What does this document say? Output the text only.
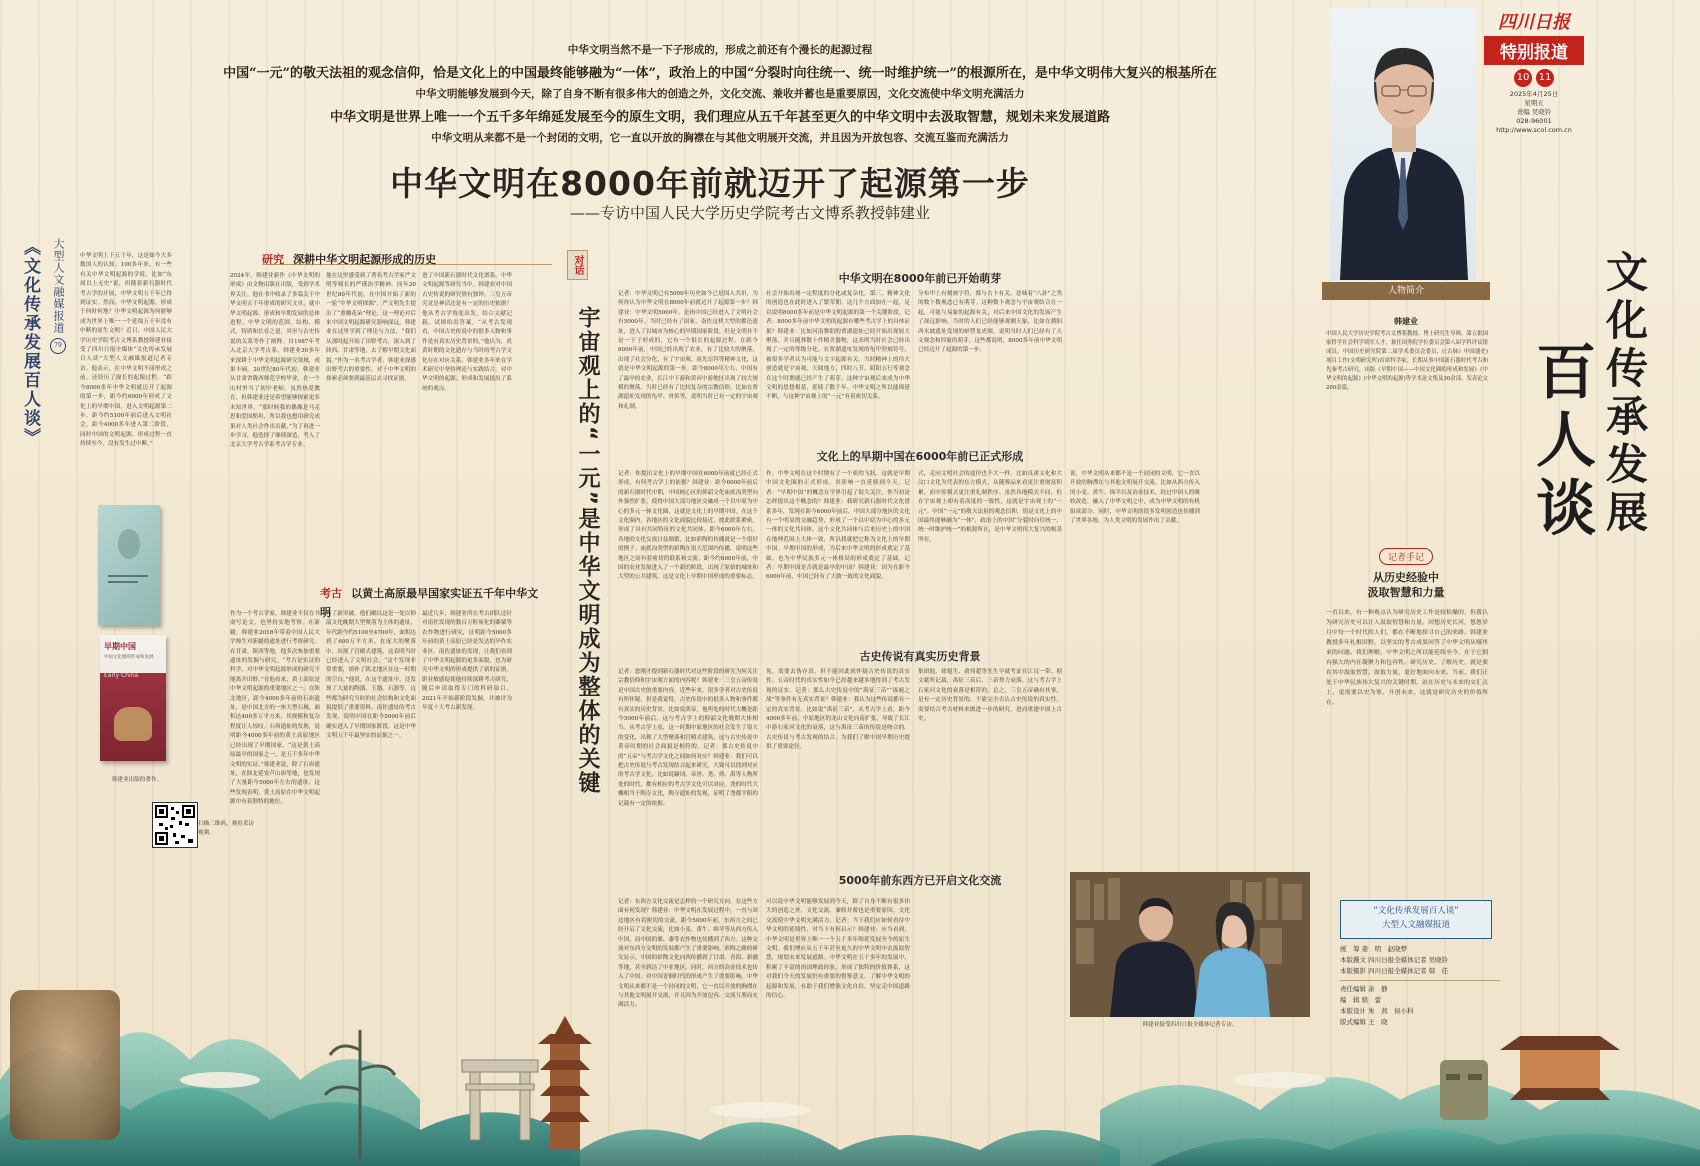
中华文明当然不是一下子形成的，形成之前还有个漫长的起源过程
中国“一元”的敬天法祖的观念信仰，恰是文化上的中国最终能够融为“一体”，政治上的中国“分裂时向往统一、统一时维护统一”的根源所在，是中华文明伟大复兴的根基所在
中华文明能够发展到今天，除了自身不断有很多伟大的创造之外，文化交流、兼收并蓄也是重要原因，文化交流使中华文明充满活力
中华文明是世界上唯一一个五千多年绵延发展至今的原生文明，我们理应从五千年甚至更久的中华文明中去汲取智慧，规划未来发展道路
中华文明从来都不是一个封闭的文明，它一直以开放的胸襟在与其他文明展开交流，并且因为开放包容、交流互鉴而充满活力
四川日报
特别报道
10 11
2025年4月25日
星期五
责编 吴晓铃
028-96001
http://www.scol.com.cn
人物简介
韩建业
中国人民大学历史学院考古文博系教授、博士研究生导师，第五批国家哲学社会科学领军人才，兼任国务院学位委员会第八届学科评议组成员、中国历史研究院第二届学术委员会委员、(《古脉》中国通史)项目工作(文明研究所)首席科学家。长期从事中国新石器时代考古和先秦考古研究，出版《早期中国——中国文化圈的形成和发展》《中华文明的起源》(中华文明的起源)等学术论文集及30余部。发表论文200余篇。	文化传承发展
百人谈
中华文明在8000年前就迈开了起源第一步
——专访中国人民大学历史学院考古文博系教授韩建业
《文化传承发展百人谈》 大型人文融媒报道
79
中华文明上下五千年，这是如今大多数国人的认知。100多年来，有一些有关中华文明起源的学说，比如“东周以上无史”说，但随着新石器时代考古学的开展，中华文明五千年已得到证实。然而，中华文明起源，形成于何时何地？中华文明起源为何能够成为世界上唯一一个延绵五千年没有中断的原生文明？近日，中国人民大学历史学院考古文博系教授韩建业接受了四川日报全媒体“文化传承发展百人谈”大型人文融媒报道记者专访。他表示，在中华文明不同形成之前，还经历了漫长的起源过程。“距今8000多年中华文明就迈开了起源的第一步，距今约6000年形成了文化上的早期中国，进入文明起源第二步，距今约5100年前后进入文明社会，距今4000多年进入第二阶段，同时中国的文明起源、形成过程一直持续至今，没有发生过中断。”
早期中国
中国文化圈的形成和发展
Early China
韩建业出版的著作。
扫描二维码，观看采访视频。
研究 深耕中华文明起源形成的历史
2024年，韩建业新作《中华文明的形成》由文物出版社出版，受到学术界关注。他在书中收录了多篇关于中华文明五千年形成的研究文章，就中华文明起源、形成和早期发展的总体进程，中华文明的范围、结构、模式、特质和长存之道，其至与古史传说的关系等作了阐释。自1987年考入北京大学考古系，韩建业30多年来深耕于中华文明起源研究领域，成果丰硕。20世纪80年代初，韩建业从甘肃省陇西师范学校毕业，在一个山村里当了初中老师。虽然热爱教育，但韩建业还是希望能够探索更多未知世界。“那时候我的偶像是马克思和爱因斯坦，所以我也想用研究成果对人类社会作出贡献。”为了再进一步学习，他选择了继续深造，考入了北京大学考古学系考古学专业。
他在这里感受到了著名考古学家严文明等师长的严谨治学精神。同年20世纪80年代初，在中国开始了新的一轮“中华文明探源”，严文明先生提出了“重瓣花朵”理论，这一理论对后来中国文明起源研究影响深远。韩建业在这里学到了理论与方法，“我们从那时起开始了田野考古，深入到了陕西、甘肃等地，去了解早期文化面貌。”作为一名考古学者，韩建业深感田野考古的重要性，对于中华文明的探索必须要到最基层去寻找证据。
进了中国新石器时代文化谱系、中华文明起源等研究当中。韩建业对中国古史传说的研究情有独钟。三皇五帝究竟是神话还是有一定的历史依据？他从考古学角度出发，结合文献记载，试图给出答案。“从考古发现看，中国古史传说中的很多人物和事件是有真实历史背景的。”他认为，炎黄时期的文化遗存与当时的考古学文化存在对应关系。韩建业多年来在学术研究中坚持理论与实践结合，对中华文明的起源、形成和发展提出了系统的观点。
考古 以黄土高原最早国家实证五千年中华文明
作为一个考古学家，韩建业不仅在书斋写论文，也坚持实地考察。在新疆，韩建业2018年带着中国人民大学师生对新疆的遗址进行考察研究。在甘肃、陕西等地，他多次参加重要遗址的发掘与研究。“考古是实证的科学，对中华文明起源形成的研究不能离开田野。”在他看来，黄土高原是中华文明起源的重要地区之一。在陕北地区，距今4000多年前的石峁遗址，是中国北方的一座大型石城，面积达400多万平方米，其规模和复杂程度让人惊叹。石峁遗址的发现，说明距今4000多年前的黄土高原地区已经出现了早期国家。“这是黄土高原最早的国家之一，是五千多年中华文明的实证。”韩建业说，除了石峁遗址，在陕北延安芦山峁等地，也发现了大量距今5000年左右的遗址，这些发现表明，黄土高原在中华文明起源中有着独特的地位。
有了新突破。他们确认这是一处以仰韶文化晚期大型聚落为主体的遗址，年代距今约5100至4700年，面积达到了600万平方米。在庞大的聚落中，出现了宫殿式建筑，这表明当时已经进入了文明社会。“这个发现非常重要，填补了陕北地区在这一时期的空白。”他说，在这个遗址中，还发现了大量的陶器、玉器、石器等，这些都为研究当时的社会结构和文化面貌提供了重要资料。南佐遗址的考古发现，说明中国在距今5000年前后确实进入了早期国家阶段，这是中华文明五千年最坚实的证据之一。
最近几年，韩建业所在考古团队还针对南佐发现的数百万粒炭化的黍粟等农作物进行研究，证明距今5000多年前的黄土高原已经是发达的旱作农业区。南佐遗址的发现，让我们看到了中华文明起源的更多面貌，也为研究中华文明的形成提供了新的证据。职业敏感促使他持续深耕考古研究，随后申请取得专门的科研项目，2021年开始新阶段发掘，并被评为年度十大考古新发现。
对话
宇宙观上的“一元”是中华文明成为整体的关键
记者：中华文明已有5000年历史如今已是国人共识，为何你认为中华文明在8000年前就迈开了起源第一步？韩建业：中华文明5000年，是指中国已经进入了文明社会有5000年。当时已经有了国家，南佐这样大型的都邑遗址，进入了以城市为核心的早期国家阶段。但是文明并不是一下子形成的，它有一个很长的起源过程。在距今8000年前，中国已经出现了农业，有了比较大的聚落，出现了社会分化，有了宇宙观、祖先崇拜等精神文化，这就是中华文明起源的第一步。距今8000年左右，中国有了最早的农业，长江中下游和黄河中游地区出现了较大规模的聚落。当时已经有了比较复杂的宗教信仰，比如在贾湖遗址发现的龟甲、骨笛等，说明当时已有一定的宇宙观和礼制。
记者：你提出文化上的早期中国在6000年前就已经正式形成，有何考古学上的依据？韩建业：距今6000年前后的新石器时代中期，中国核心区的仰韶文化庙底沟类型向外强烈扩张，使得中国大部分地区交融成一个以中原为中心的多元一体文化圈，这就是文化上的早期中国。在这个文化圈内，各地区的文化面貌比较接近，彼此联系紧密，形成了具有共同特征的文化共同体。距今6000年左右，各地的文化交流日益频繁，比如彩陶的传播就是一个很好的例子。庙底沟类型的彩陶在很大范围内传播，说明这些地区之间有着密切的联系和交流。距今约6000年前，中国的农业发展进入了一个新的阶段，出现了原始的城址和大型的公共建筑，这是文化上早期中国形成的重要标志。
记者：您刚才提到新石器时代对这些阶段的研究为何关注宗教信仰和宇宙观方面的内容呢？韩建业：三皇五帝传说是中国古史的重要内容，近些年来，很多学者对古史传说有所怀疑，但是我觉得，古史传说中的很多人物和事件都有真实的历史背景。比如说黄帝，他所处的时代大概是距今5000年前后，这与考古学上的仰韶文化晚期大体相当。从考古学上看，这一时期中原地区的社会发生了很大的变化，出现了大型聚落和宫殿式建筑，这与古史传说中黄帝时期的社会面貌是相符的。记者：那古史传说中的“五帝”与考古学文化之间如何对应？韩建业：我们可以把古史传说与考古发现结合起来研究，大致可以找到对应的考古学文化。比如说颛顼、帝喾、尧、舜、禹等人物所处的时代，都有相应的考古学文化可以对应。尧的时代大概相当于陶寺文化，陶寺遗址的发现，证明了尧都平阳的记载有一定的依据。
记者：东西方文化交流是怎样的一个研究方向，在这些方面有何发现？韩建业：中华文明在发展过程中，一直与周边地区有着密切的交流。距今5000年前，东西方之间已经开启了文化交流，比如小麦、黄牛、绵羊等从西方传入中国，而中国的粟、黍等农作物也传播到了西方。这种交流对东西方文明的发展都产生了重要影响。彩陶之路的研究显示，中国的彩陶文化向西传播到了甘肃、青海、新疆等地，甚至到达了中亚地区。同时，西方的冶金技术也传入了中国，对中国青铜时代的形成产生了重要影响。中华文明从来都不是一个封闭的文明，它一直以开放的胸襟在与其他文明展开交流，并且因为开放包容、交流互鉴而充满活力。
社会开始出现一定程度的分化或复杂化。第三，精神文化的创造也在此时进入了繁荣期。这几个方面加在一起，足以说明8000多年前是中华文明起源的第一个关键阶段。记者：8000多年前中华文明的起源有哪些考古学上的具体证据？韩建业：比如河南舞阳的贾湖遗址已经开始出现较大聚落，并且随葬数十件精美器物，这表明当时社会已经出现了一定的等级分化。在贾湖遗址发现的龟甲契刻符号，被很多学者认为可能与文字起源有关。当时精神上的伟大创造就是宇宙观，天圆地方、四时八节、阴阳五行等观念在这个时期就已经产生了萌芽。这种宇宙观后来成为中华文明的思想根基，延续了数千年。中华文明之所以能绵延不断，与这种宇宙观上的“一元”有着密切关系。
作，中华文明在这个时期有了一个质的飞跃。这就是早期中国文化圈的正式形成，其影响一直延续到今天。记者：“早期中国”的概念在学界引起了很大关注，你当初是怎样提出这个概念的？韩建业：我研究新石器时代文化谱系多年，发现在距今6000年前后，中国大部分地区的文化有一个明显的交融趋势，形成了一个以中原为中心的多元一体的文化共同体。这个文化共同体与后来历史上的中国在地理范围上大体一致，所以我就把它称为文化上的早期中国。早期中国的形成，为后来中华文明的形成奠定了基础，也为中华民族多元一体格局的形成奠定了基础。记者：早期中国是否就是最早的中国？韩建业：因为在距今6000年前，中国已经有了大致一致的文化面貌。
免，需要去伪存真。但不能因此就怀疑古史传说的真实性。五帝时代的真实性如今已经越来越多地得到了考古发现的证实。记者：那么古史传说中的“禹征三苗”“涿鹿之战”等事件有无真实背景？韩建业：我认为这些传说都有一定的真实背景。比如说“禹征三苗”，从考古学上看，距今4000多年前，中原地区的龙山文化向南扩张，导致了长江中游石家河文化的衰落，这与禹征三苗的传说是吻合的。古史传说与考古发现的结合，为我们了解中国早期历史提供了重要途径。
可以说中华文明能够发展到今天，除了自身不断有很多伟大的创造之外，文化交流、兼收并蓄也是重要原因。文化交流使中华文明充满活力。记者：当下我们应如何看待中华文明的延续性，对当下有何启示？韩建业：应当看到，中华文明是世界上唯一一个五千多年绵延发展至今的原生文明。我们理应从五千年甚至更久的中华文明中去汲取智慧，规划未来发展道路。中华文明在五千多年的发展中，积累了丰富的治国理政经验，形成了独特的价值体系，这对我们今天的发展仍有重要的借鉴意义。了解中华文明的起源和发展，有助于我们增强文化自信，坚定走中国道路的信心。
分布甲上有刻画字符，都与占卜有关，意味着“八卦”之类的数卜数观念已有萌芽。这种数卜观念与宇宙观结合在一起，可能与易象的起源有关，对后来中国文化的发展产生了深远影响。当时的人们已经能够观测天象，比如在濮阳西水坡遗址发现的蚌塑龙虎图，说明当时人们已经有了天文观念和四象的萌芽。这些都说明，8000多年前中华文明已经迈开了起源的第一步。
式，走向文明社会的途径也不大一样，比如良渚文化和大汶口文化为代表的东方模式，从随葬品来看更注重财富积累，而中原模式更注重礼制秩序。虽然各地模式不同，但在宇宙观上却有着高度的一致性，这就是宇宙观上的“一元”。中国“一元”的敬天法祖的观念信仰，恰是文化上的中国最终能够融为“一体”，政治上的中国“分裂时向往统一、统一时维护统一”的根源所在，是中华文明伟大复兴的根基所在。
集团他，徐旭生、俞伟超等先生早就考证在江汉一带。据文献所记载，禹征三苗后，三苗势力衰落，这与考古学上石家河文化的衰落是相符的。总之，三皇五帝确有其事，是有一定历史背景的，不能完全否认古史传说的真实性，需要结合考古材料来做进一步的研究，进而重建中国上古史。
说，中华文明从来都不是一个封闭的文明，它一直以开放的胸襟在与其他文明展开交流。比如从西方传入的小麦、黄牛、绵羊以及冶金技术，经过中国人的吸收改造，融入了中华文明之中，成为中华文明的有机组成部分。同时，中华文明的很多发明创造也传播到了世界各地，为人类文明的发展作出了贡献。
中华文明在8000年前已开始萌芽
文化上的早期中国在6000年前已正式形成
古史传说有真实历史背景
5000年前东西方已开启文化交流
韩建业接受四川日报全媒体记者专访。
记者手记
从历史经验中
汲取智慧和力量
一直以来，有一种观点认为研究历史工作是较枯燥的，但我认为研究历史可以让人汲取智慧和力量。回想历史长河，悠悠岁月中每一个时代的人们，都在不断地探寻自己的来路。韩建业教授多年扎根田野，以坚实的考古成果回答了中华文明从哪里来的问题。我们理解，中华文明之所以能延续至今，在于它拥有强大的内在凝聚力和包容性。研究历史、了解历史，就是要在其中汲取智慧、汲取力量，更好地面向未来。当前，我们正处于中华民族伟大复兴的关键时期，站在历史与未来的交汇点上，更需要以史为鉴、开创未来。这就是研究历史的价值所在。
“文化传承发展百人谈”
大型人文融媒报道
统　筹 姜　明　赵晓梦
本版撰文 四川日报全媒体记者 吴晓铃
本版摄影 四川日报全媒体记者 韩　佳
责任编辑 余　静
编　辑 骆　蕾
本版设计 朱　茜　侯小科
版式编辑 王　晓
